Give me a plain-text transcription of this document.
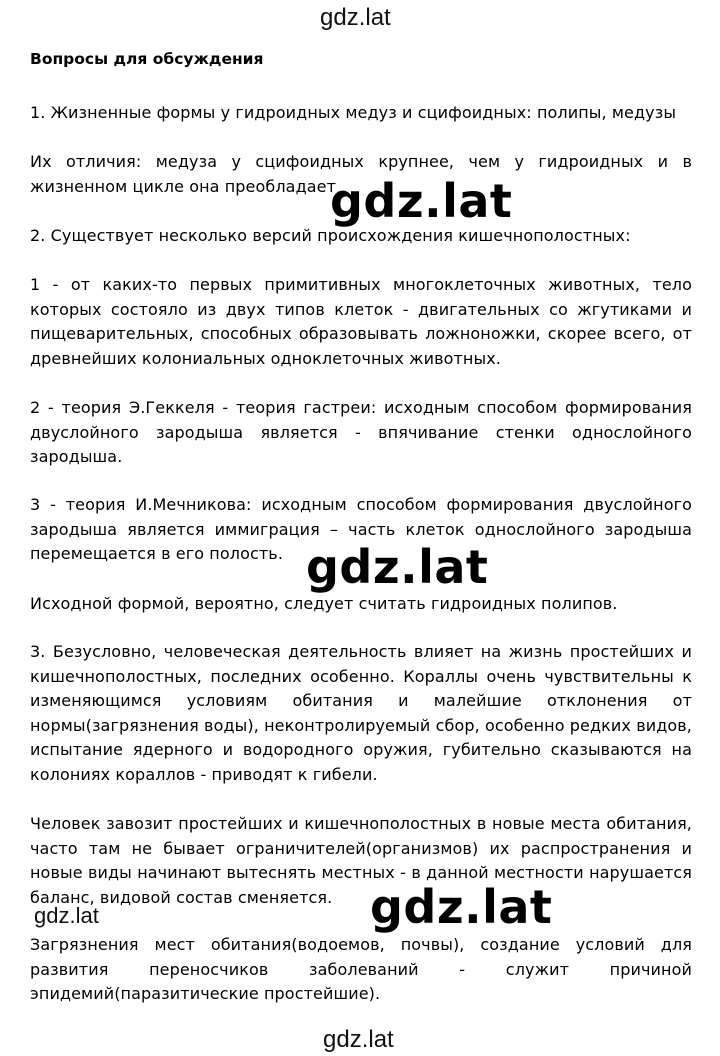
gdz.lat
Вопросы для обсуждения
1. Жизненные формы у гидроидных медуз и сцифоидных: полипы, медузы
Их отличия: медуза у сцифоидных крупнее, чем у гидроидных и в жизненном цикле она преобладает
2. Существует несколько версий происхождения кишечнополостных:
1 - от каких-то первых примитивных многоклеточных животных, тело которых состояло из двух типов клеток - двигательных со жгутиками и пищеварительных, способных образовывать ложноножки, скорее всего, от древнейших колониальных одноклеточных животных.
2 - теория Э.Геккеля - теория гастреи: исходным способом формирования двуслойного зародыша является - впячивание стенки однослойного зародыша.
3 - теория И.Мечникова: исходным способом формирования двуслойного зародыша является иммиграция – часть клеток однослойного зародыша перемещается в его полость.
Исходной формой, вероятно, следует считать гидроидных полипов.
3. Безусловно, человеческая деятельность влияет на жизнь простейших и кишечнополостных, последних особенно. Кораллы очень чувствительны к изменяющимся условиям обитания и малейшие отклонения от нормы(загрязнения воды), неконтролируемый сбор, особенно редких видов, испытание ядерного и водородного оружия, губительно сказываются на колониях кораллов - приводят к гибели.
Человек завозит простейших и кишечнополостных в новые места обитания, часто там не бывает ограничителей(организмов) их распространения и новые виды начинают вытеснять местных - в данной местности нарушается баланс, видовой состав сменяется.
Загрязнения мест обитания(водоемов, почвы), создание условий для развития переносчиков заболеваний - служит причиной эпидемий(паразитические простейшие).
gdz.lat
gdz.lat
gdz.lat
gdz.lat
gdz.lat
